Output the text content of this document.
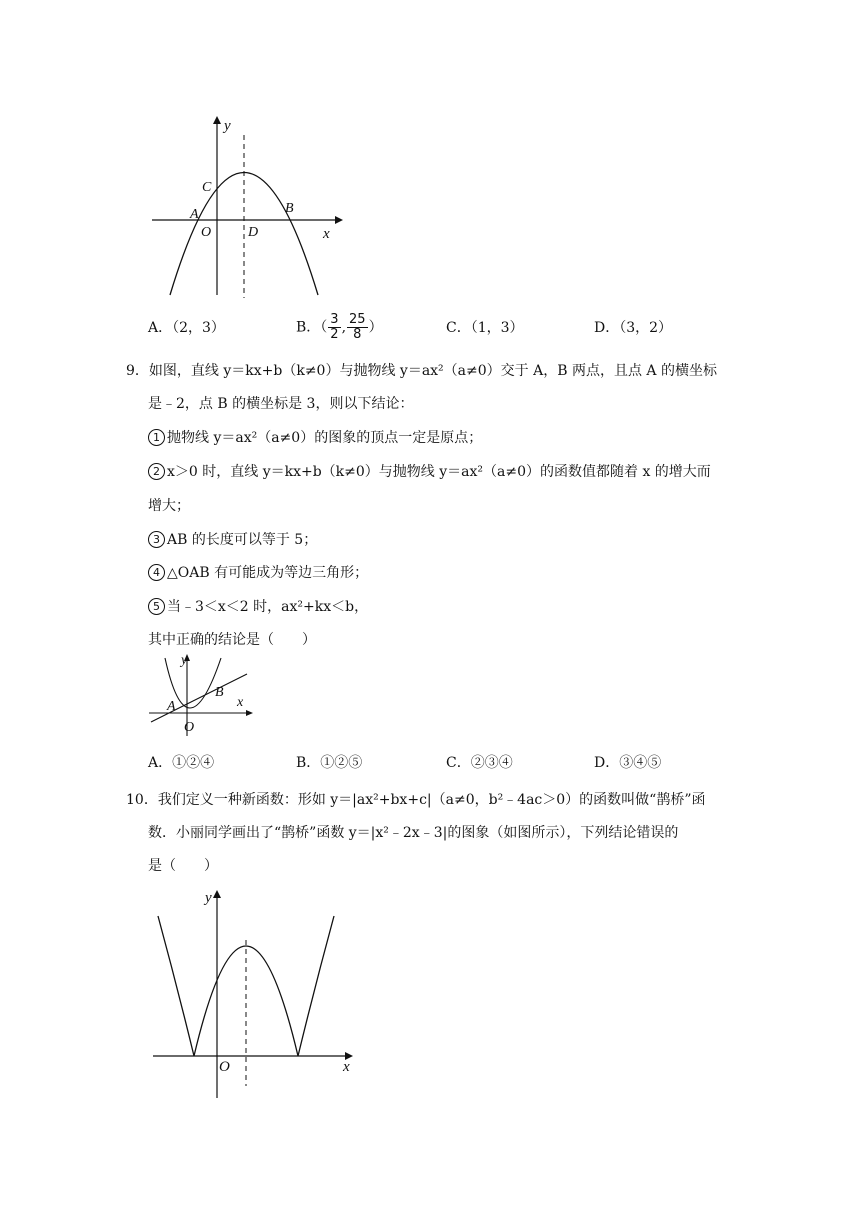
y
C
A
O	D
B
x
A．（2，3）	B．（ $\frac{3}{2}$ , $\frac{25}{8}$ ）	C．（1，3）	D．（3，2）
9．如图，直线 y＝kx+b（k≠0）与抛物线 y＝ax²（a≠0）交于 A，B 两点，且点 A 的横坐标
是﹣2，点 B 的横坐标是 3，则以下结论：
1 抛物线 y＝ax²（a≠0）的图象的顶点一定是原点；
2 x＞0 时，直线 y＝kx+b（k≠0）与抛物线 y＝ax²（a≠0）的函数值都随着 x 的增大而
增大；
3 AB 的长度可以等于 5；
4 △OAB 有可能成为等边三角形；
5 当﹣3＜x＜2 时，ax²+kx＜b，
其中正确的结论是（　　）
y
A
B
O
x
A．①②④	B．①②⑤	C．②③④	D．③④⑤
10．我们定义一种新函数：形如 y＝|ax²+bx+c|（a≠0，b²﹣4ac＞0）的函数叫做“鹊桥”函
数．小丽同学画出了“鹊桥”函数 y＝|x²﹣2x﹣3|的图象（如图所示），下列结论错误的
是（　　）
y
O	x
